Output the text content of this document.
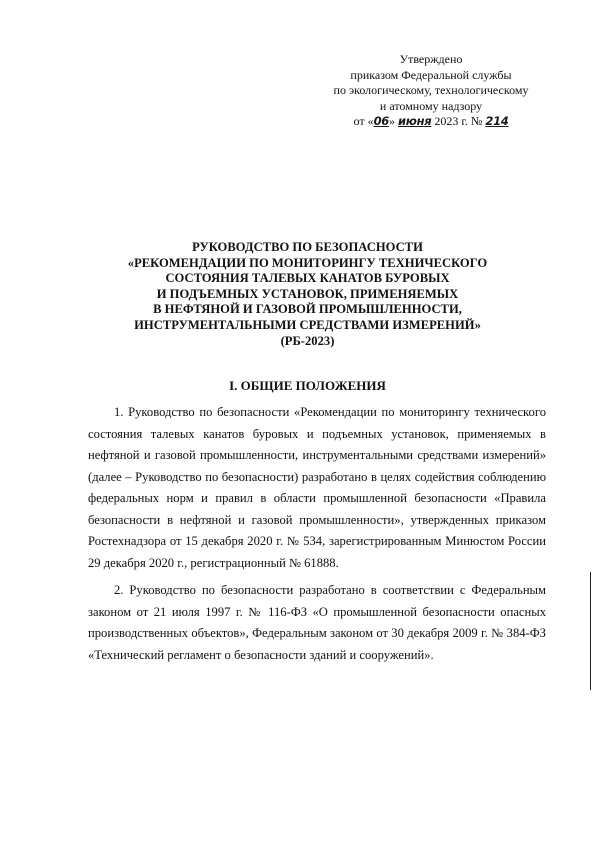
Утверждено
приказом Федеральной службы
по экологическому, технологическому
и атомному надзору
от «06» июня 2023 г. № 214
РУКОВОДСТВО ПО БЕЗОПАСНОСТИ
«РЕКОМЕНДАЦИИ ПО МОНИТОРИНГУ ТЕХНИЧЕСКОГО
СОСТОЯНИЯ ТАЛЕВЫХ КАНАТОВ БУРОВЫХ
И ПОДЪЕМНЫХ УСТАНОВОК, ПРИМЕНЯЕМЫХ
В НЕФТЯНОЙ И ГАЗОВОЙ ПРОМЫШЛЕННОСТИ,
ИНСТРУМЕНТАЛЬНЫМИ СРЕДСТВАМИ ИЗМЕРЕНИЙ»
(РБ-2023)
I. ОБЩИЕ ПОЛОЖЕНИЯ

1. Руководство по безопасности «Рекомендации по мониторингу технического состояния талевых канатов буровых и подъемных установок, применяемых в нефтяной и газовой промышленности, инструментальными средствами измерений» (далее – Руководство по безопасности) разработано в целях содействия соблюдению федеральных норм и правил в области промышленной безопасности «Правила безопасности в нефтяной и газовой промышленности», утвержденных приказом Ростехнадзора от 15 декабря 2020 г. № 534, зарегистрированным Минюстом России 29 декабря 2020 г., регистрационный № 61888.

2. Руководство по безопасности разработано в соответствии с Федеральным законом от 21 июля 1997 г. № 116-ФЗ «О промышленной безопасности опасных производственных объектов», Федеральным законом от 30 декабря 2009 г. № 384-ФЗ «Технический регламент о безопасности зданий и сооружений».
